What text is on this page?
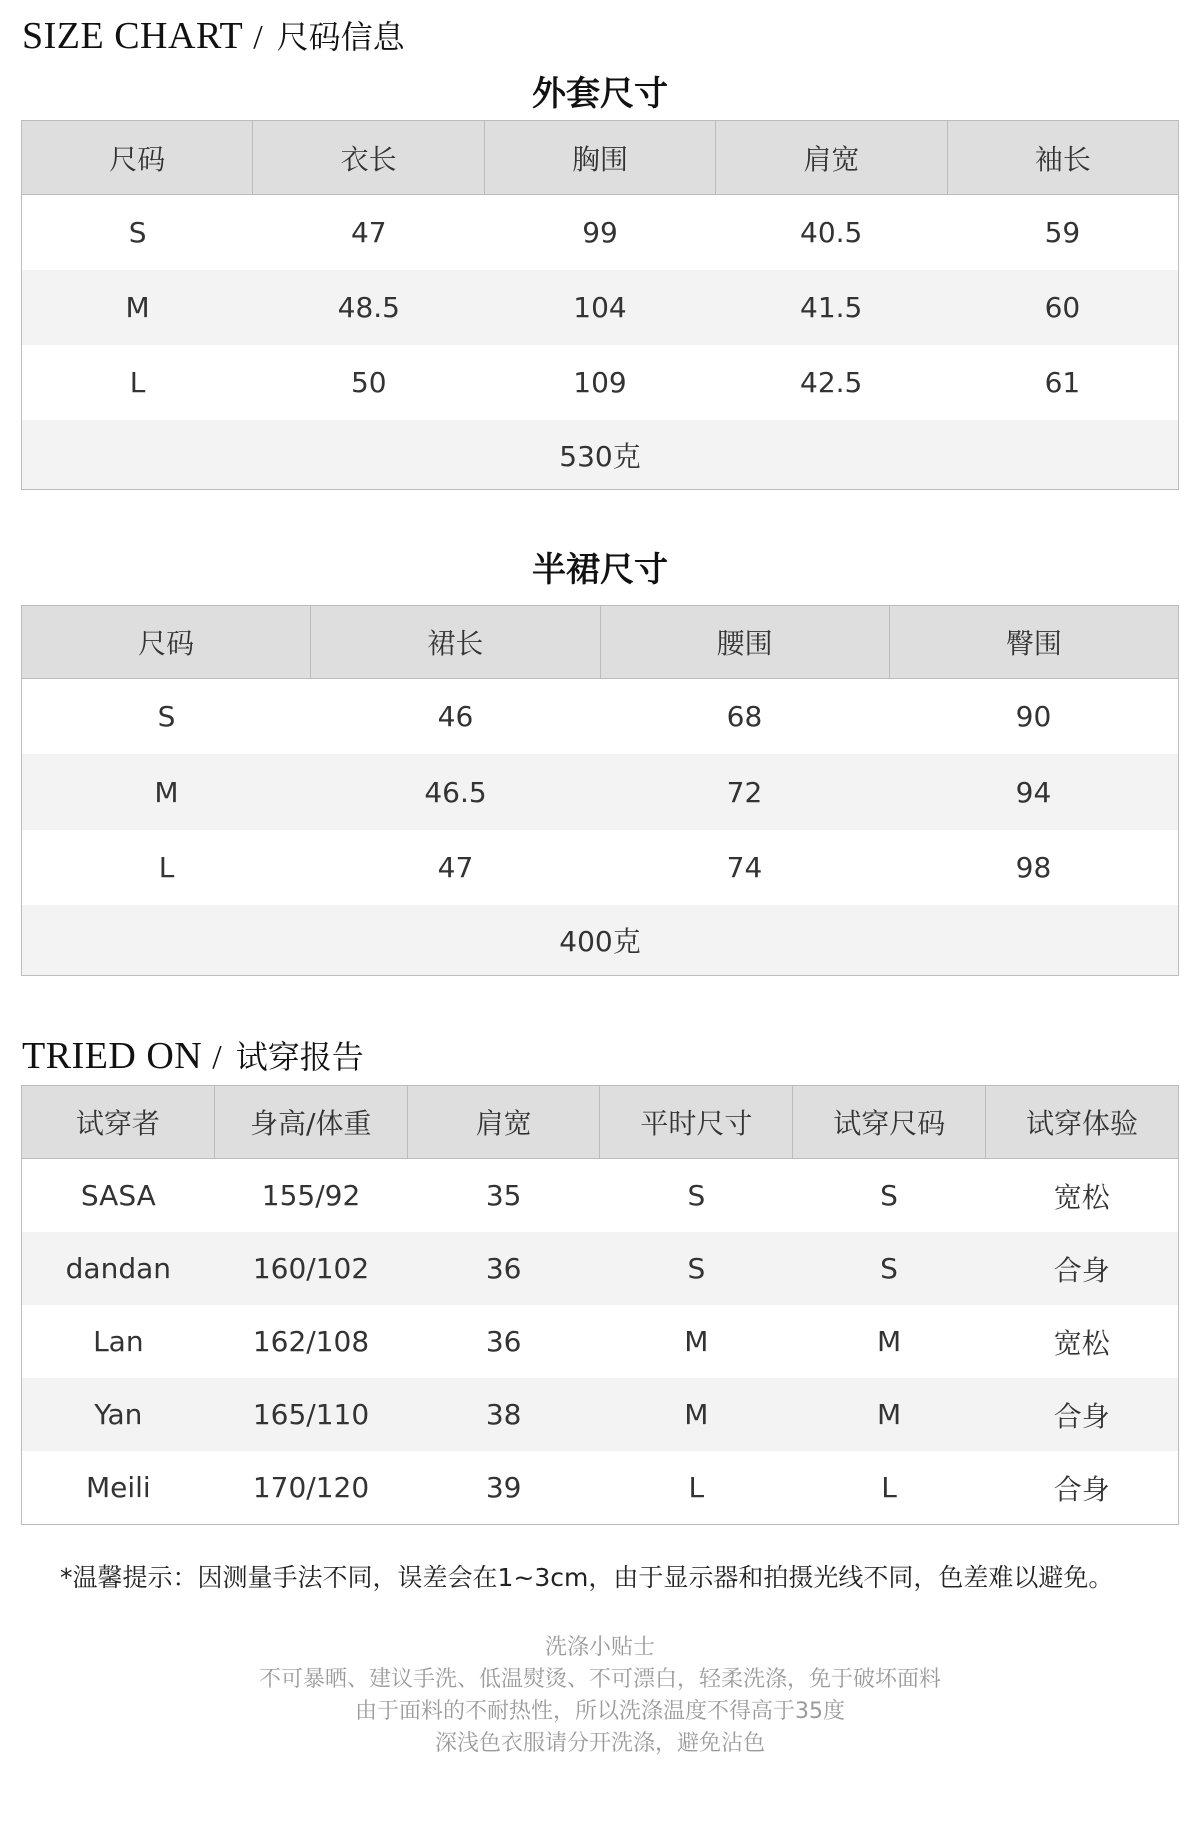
SIZE CHART / 尺码信息
外套尺寸
尺码	衣长	胸围	肩宽	袖长
S	47	99	40.5	59
M	48.5	104	41.5	60
L	50	109	42.5	61
530克
半裙尺寸
尺码	裙长	腰围	臀围
S	46	68	90
M	46.5	72	94
L	47	74	98
400克
TRIED ON / 试穿报告
试穿者	身高/体重	肩宽	平时尺寸	试穿尺码	试穿体验
SASA	155/92	35	S	S	宽松
dandan	160/102	36	S	S	合身
Lan	162/108	36	M	M	宽松
Yan	165/110	38	M	M	合身
Meili	170/120	39	L	L	合身
*温馨提示：因测量手法不同，误差会在1~3cm，由于显示器和拍摄光线不同，色差难以避免。
洗涤小贴士
不可暴晒、建议手洗、低温熨烫、不可漂白，轻柔洗涤，免于破坏面料
由于面料的不耐热性，所以洗涤温度不得高于35度
深浅色衣服请分开洗涤，避免沾色
